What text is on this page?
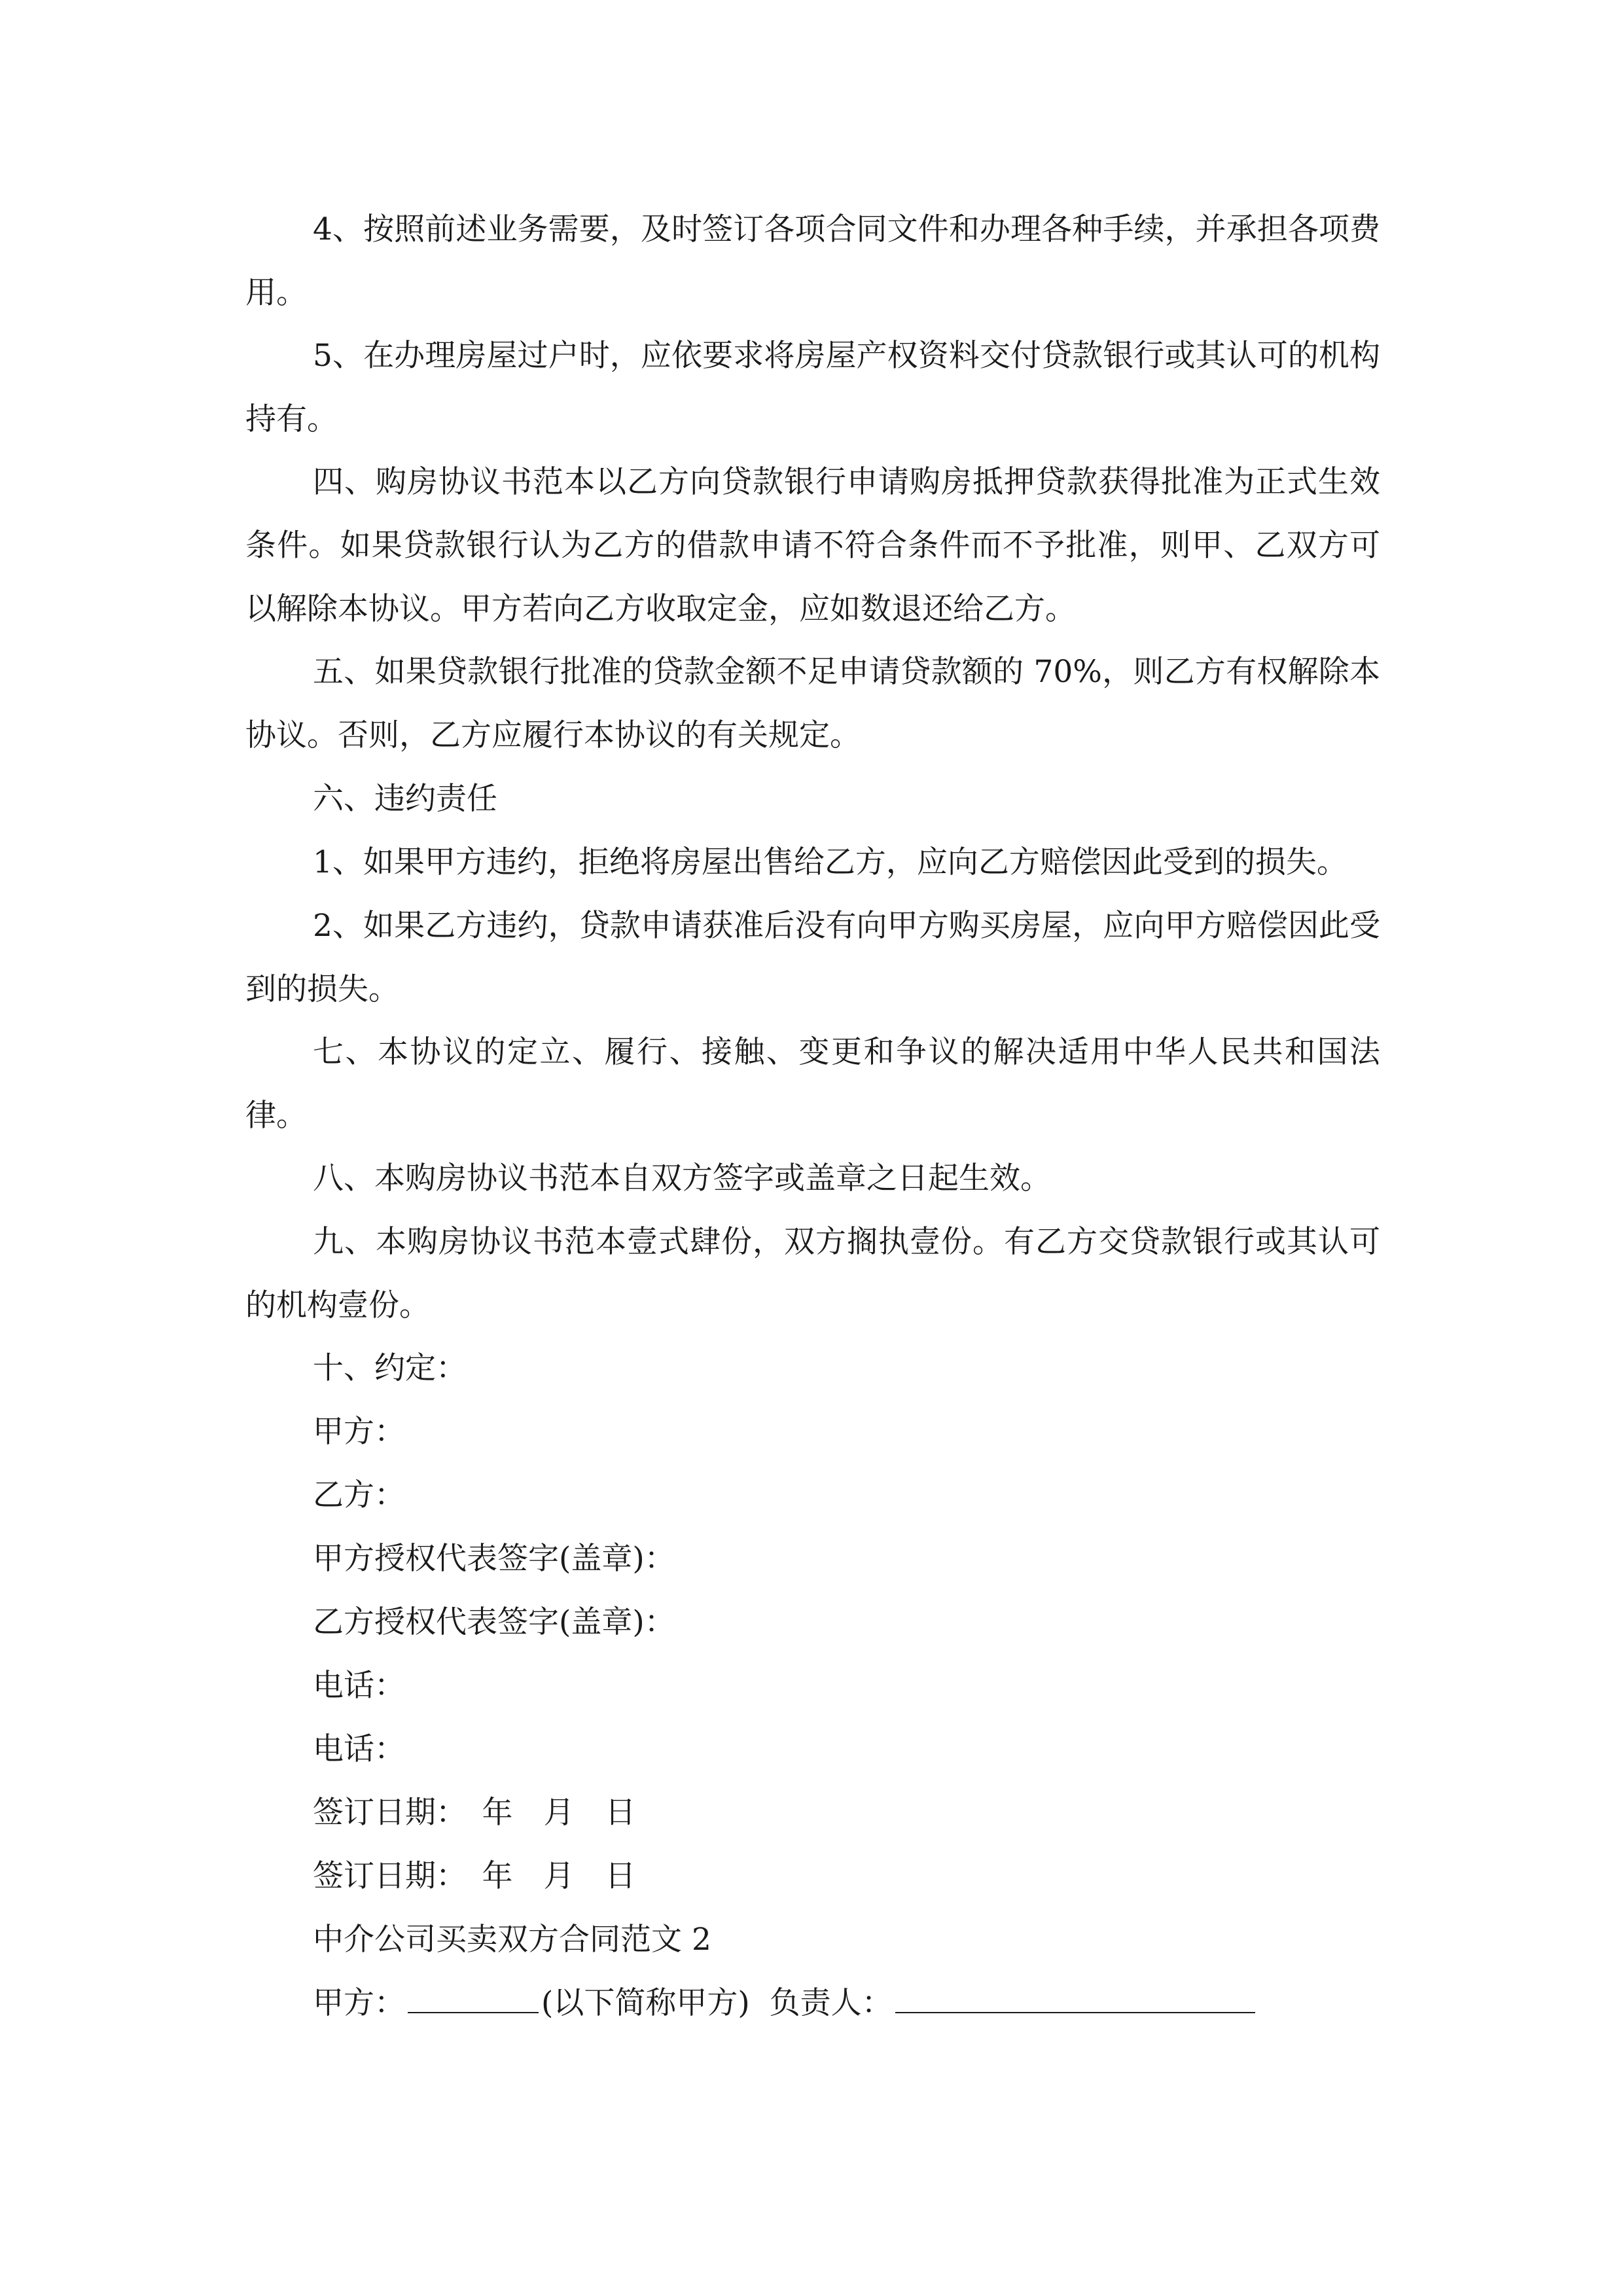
4、按照前述业务需要，及时签订各项合同文件和办理各种手续，并承担各项费用。
5、在办理房屋过户时，应依要求将房屋产权资料交付贷款银行或其认可的机构持有。
四、购房协议书范本以乙方向贷款银行申请购房抵押贷款获得批准为正式生效条件。如果贷款银行认为乙方的借款申请不符合条件而不予批准，则甲、乙双方可以解除本协议。甲方若向乙方收取定金，应如数退还给乙方。
五、如果贷款银行批准的贷款金额不足申请贷款额的 70%，则乙方有权解除本协议。否则，乙方应履行本协议的有关规定。
六、违约责任
1、如果甲方违约，拒绝将房屋出售给乙方，应向乙方赔偿因此受到的损失。
2、如果乙方违约，贷款申请获准后没有向甲方购买房屋，应向甲方赔偿因此受到的损失。
七、本协议的定立、履行、接触、变更和争议的解决适用中华人民共和国法律。
八、本购房协议书范本自双方签字或盖章之日起生效。
九、本购房协议书范本壹式肆份，双方搁执壹份。有乙方交贷款银行或其认可的机构壹份。
十、约定：
甲方：
乙方：
甲方授权代表签字(盖章)：
乙方授权代表签字(盖章)：
电话：
电话：
签订日期：　年　月　日
签订日期：　年　月　日
中介公司买卖双方合同范文 2
甲方：	(以下简称甲方) 负责人：
